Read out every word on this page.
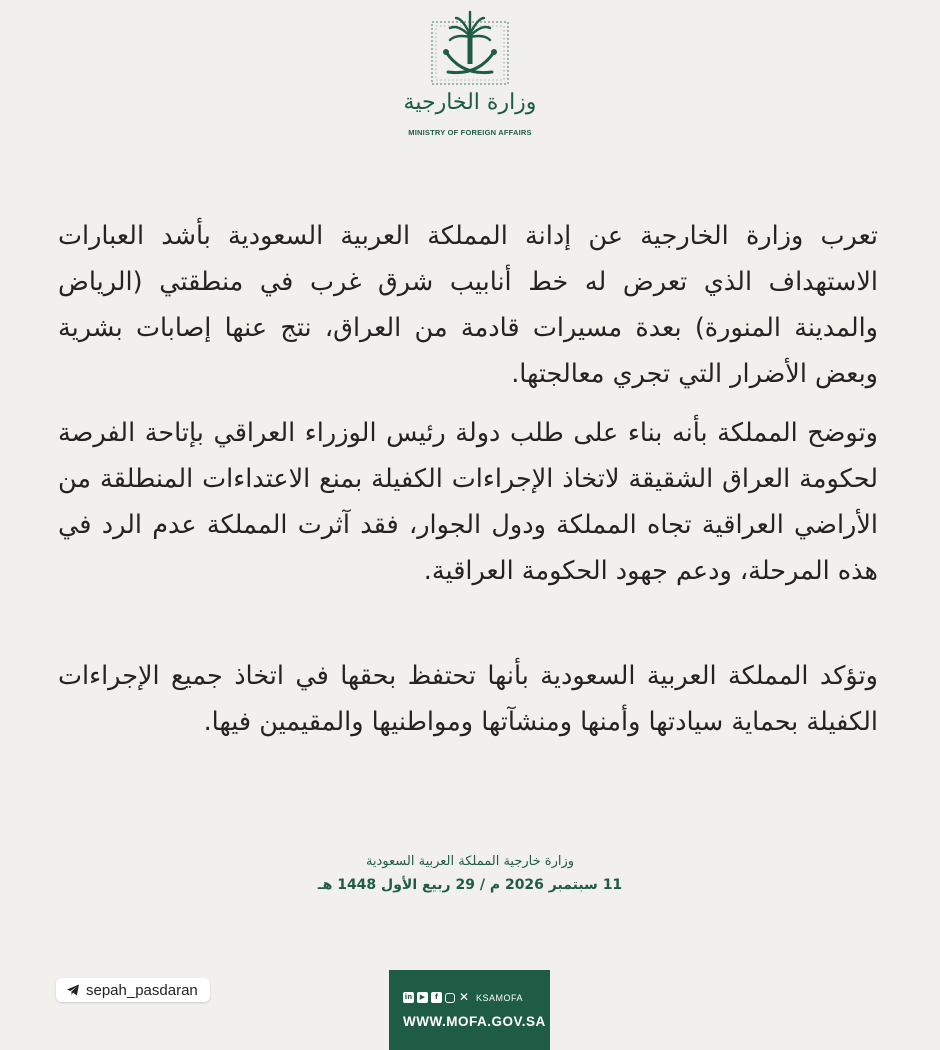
وزارة الخارجية
MINISTRY OF FOREIGN AFFAIRS

تعرب وزارة الخارجية عن إدانة المملكة العربية السعودية بأشد العبارات الاستهداف الذي تعرض له خط أنابيب شرق غرب في منطقتي (الرياض والمدينة المنورة) بعدة مسيرات قادمة من العراق، نتج عنها إصابات بشرية وبعض الأضرار التي تجري معالجتها.

وتوضح المملكة بأنه بناء على طلب دولة رئيس الوزراء العراقي بإتاحة الفرصة لحكومة العراق الشقيقة لاتخاذ الإجراءات الكفيلة بمنع الاعتداءات المنطلقة من الأراضي العراقية تجاه المملكة ودول الجوار، فقد آثرت المملكة عدم الرد في هذه المرحلة، ودعم جهود الحكومة العراقية.

وتؤكد المملكة العربية السعودية بأنها تحتفظ بحقها في اتخاذ جميع الإجراءات الكفيلة بحماية سيادتها وأمنها ومنشآتها ومواطنيها والمقيمين فيها.

وزارة خارجية المملكة العربية السعودية
11 سبتمبر 2026 م / 29 ربيع الأول 1448 هـ
sepah_pasdaran	in	▶	f	✕ KSAMOFA
WWW.MOFA.GOV.SA
